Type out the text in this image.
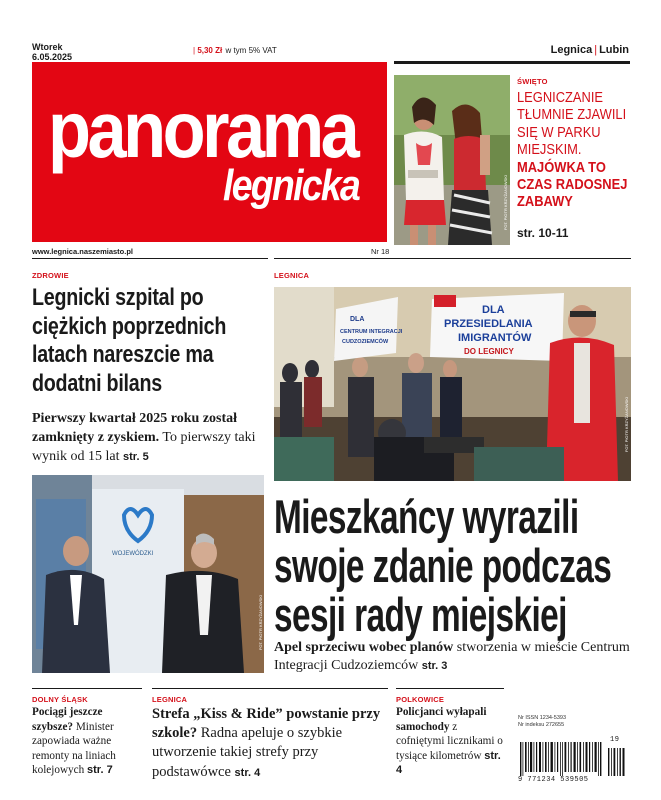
Wtorek
6.05.2025
| 5,30 Zł w tym 5% VAT	Legnica | Lubin
panorama
legnicka
www.legnica.naszemiasto.pl	Nr 18
FOT. PIOTR KRZYŻANOWSKI
ŚWIĘTO
LEGNICZANIE TŁUMNIE ZJAWILI SIĘ W PARKU MIEJSKIM. MAJÓWKA TO CZAS RADOSNEJ ZABAWY
str. 10-11
ZDROWIE
Legnicki szpital po ciężkich poprzednich latach nareszcie ma dodatni bilans
Pierwszy kwartał 2025 roku został zamknięty z zyskiem. To pierwszy taki wynik od 15 lat str. 5
WOJEWÓDZKI
FOT. PIOTR KRZYŻANOWSKI
LEGNICA
DLA
CENTRUM INTEGRACJI
CUDZOZIEMCÓW
DLA
PRZESIEDLANIA
IMIGRANTÓW
DO LEGNICY
FOT. PIOTR KRZYŻANOWSKI
Mieszkańcy wyrazili
swoje zdanie podczas
sesji rady miejskiej
Apel sprzeciwu wobec planów stworzenia w mieście Centrum Integracji Cudzoziemców str. 3
DOLNY ŚLĄSK
Pociągi jeszcze szybsze? Minister zapowiada ważne remonty na liniach kolejowych str. 7
LEGNICA
Strefa „Kiss & Ride” powstanie przy szkole? Radna apeluje o szybkie utworzenie takiej strefy przy podstawówce str. 4
POLKOWICE
Policjanci wyłapali samochody z cofniętymi licznikami o tysiące kilometrów str. 4
Nr ISSN 1234-5393
Nr indeksu 272655
9 771234 539505
19
